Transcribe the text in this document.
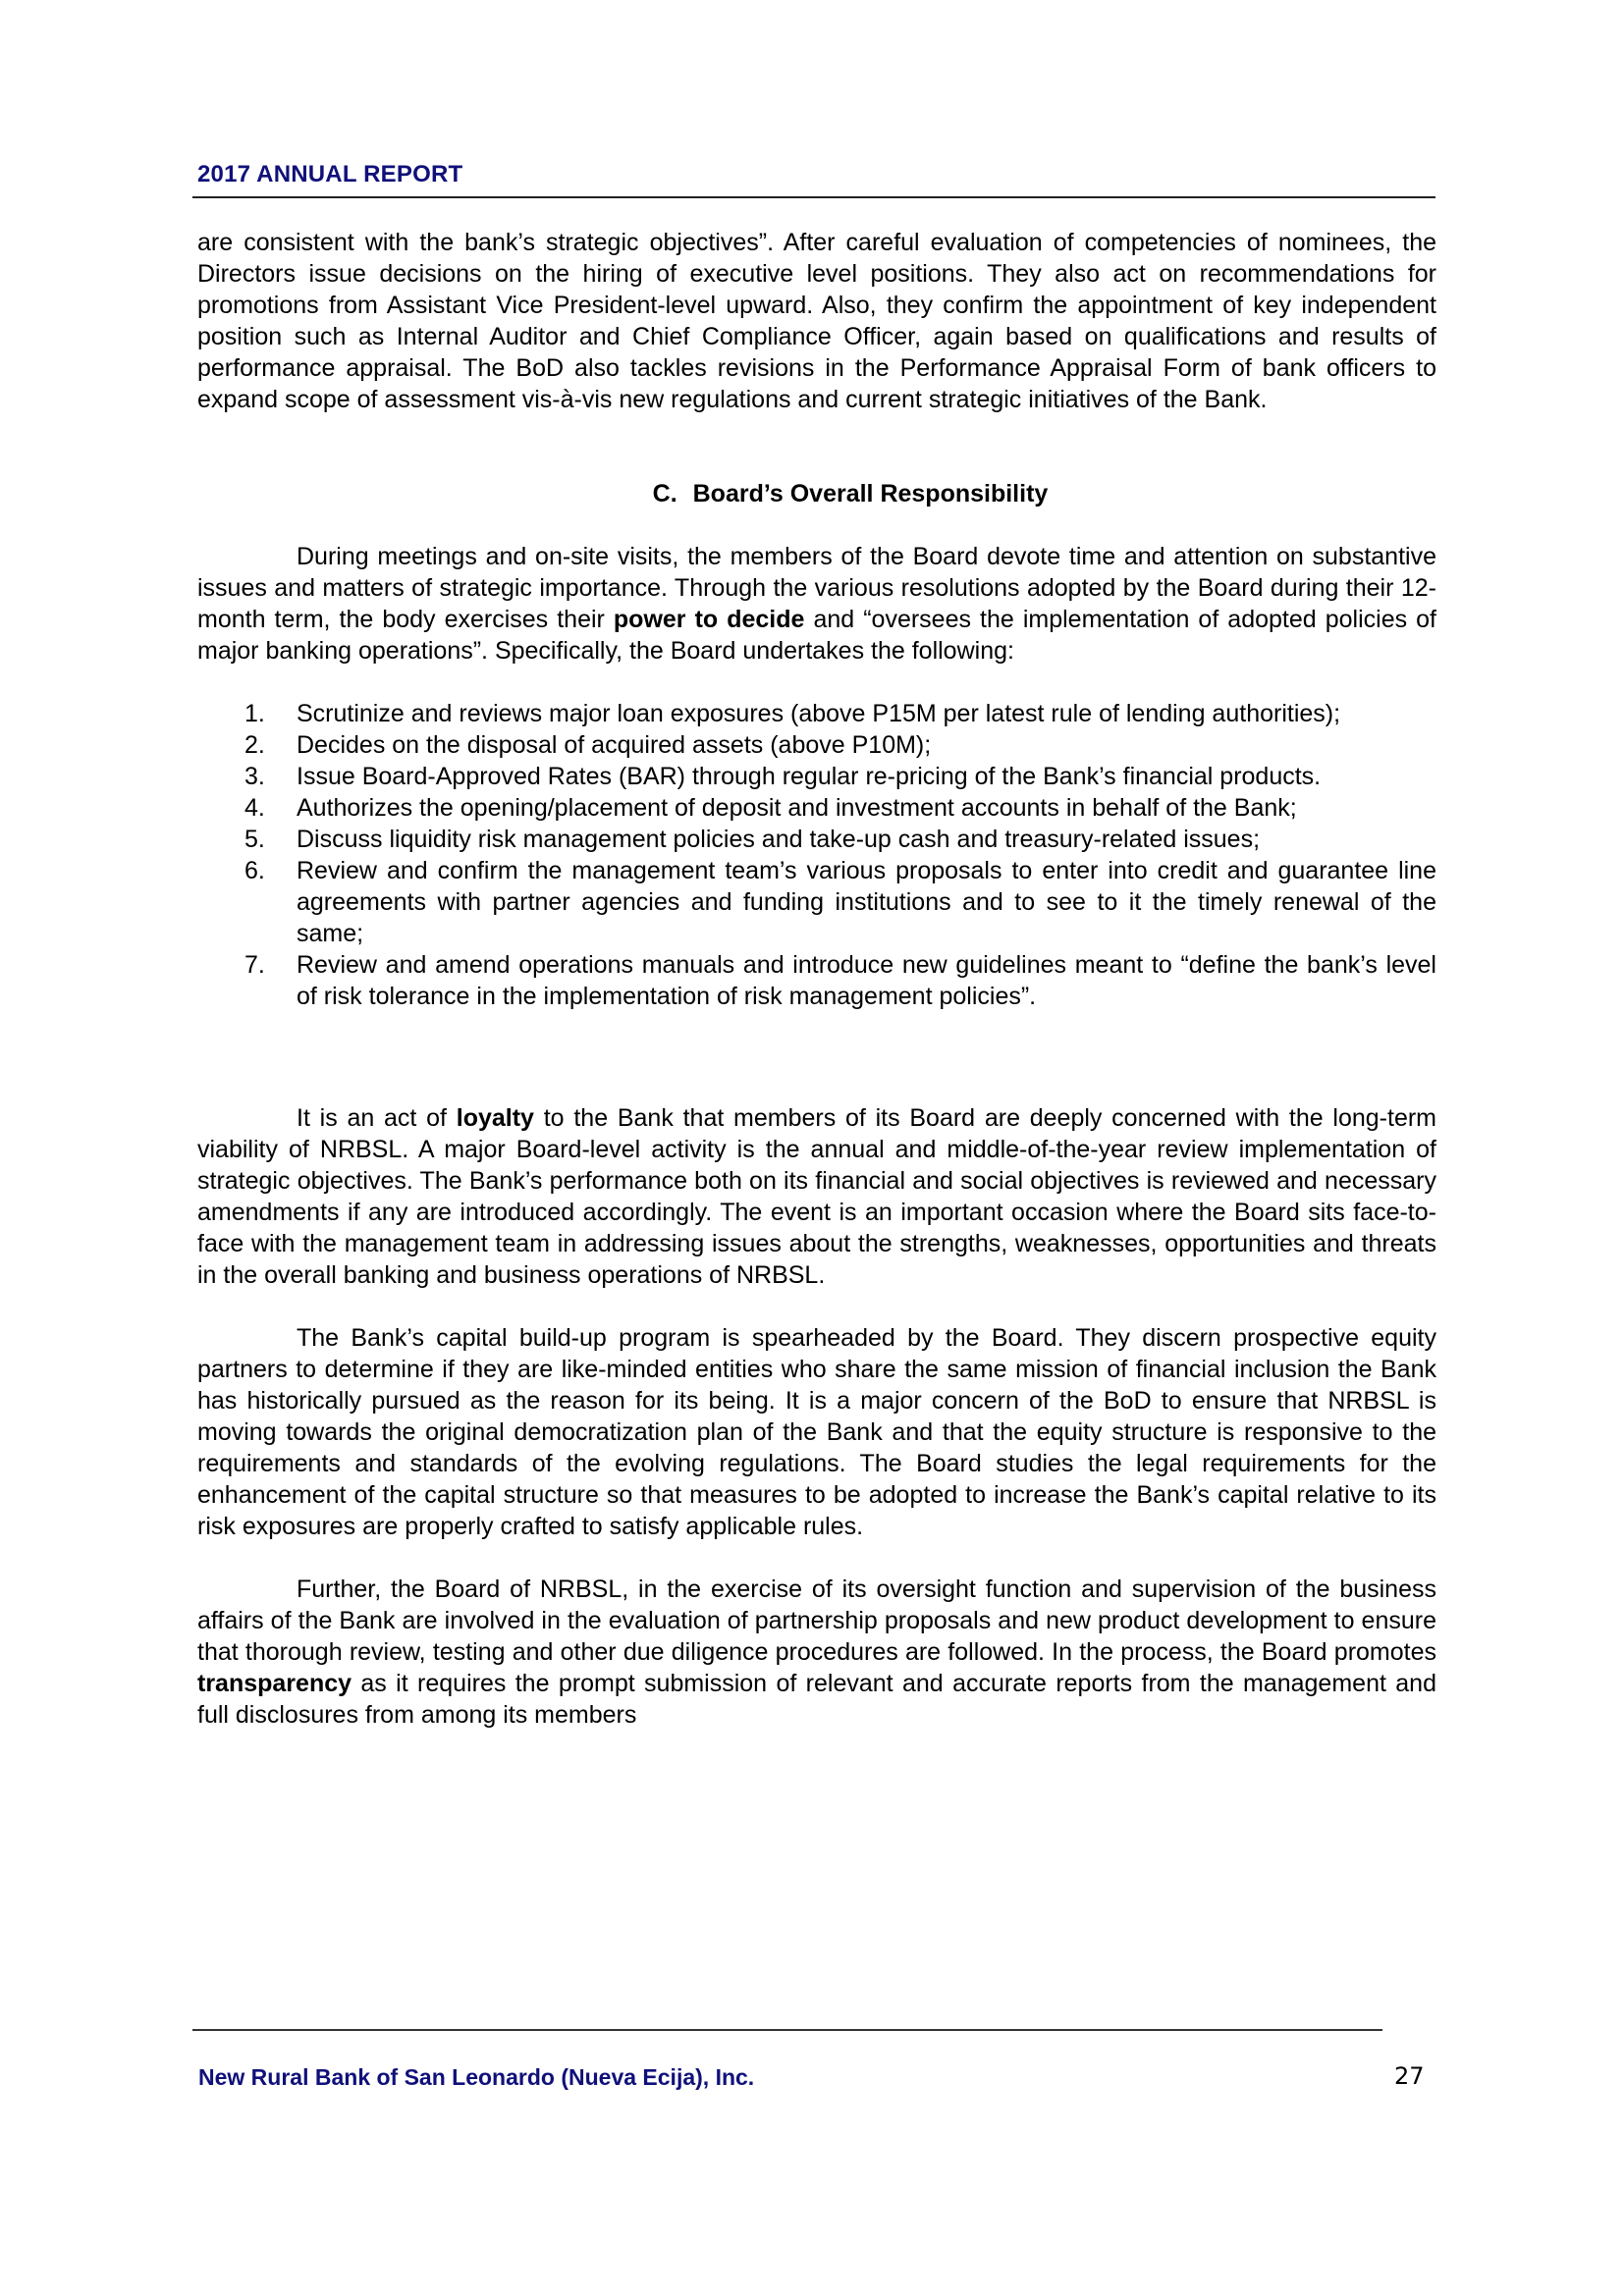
2017 ANNUAL REPORT

are consistent with the bank’s strategic objectives”. After careful evaluation of competencies of nominees, the Directors issue decisions on the hiring of executive level positions. They also act on recommendations for promotions from Assistant Vice President-level upward. Also, they confirm the appointment of key independent position such as Internal Auditor and Chief Compliance Officer, again based on qualifications and results of performance appraisal. The BoD also tackles revisions in the Performance Appraisal Form of bank officers to expand scope of assessment vis-à-vis new regulations and current strategic initiatives of the Bank.

C. Board’s Overall Responsibility

During meetings and on-site visits, the members of the Board devote time and attention on substantive issues and matters of strategic importance. Through the various resolutions adopted by the Board during their 12-month term, the body exercises their power to decide and “oversees the implementation of adopted policies of major banking operations”. Specifically, the Board undertakes the following:

1. Scrutinize and reviews major loan exposures (above P15M per latest rule of lending authorities);
2. Decides on the disposal of acquired assets (above P10M);
3. Issue Board-Approved Rates (BAR) through regular re-pricing of the Bank’s financial products.
4. Authorizes the opening/placement of deposit and investment accounts in behalf of the Bank;
5. Discuss liquidity risk management policies and take-up cash and treasury-related issues;
6. Review and confirm the management team’s various proposals to enter into credit and guarantee line agreements with partner agencies and funding institutions and to see to it the timely renewal of the same;
7. Review and amend operations manuals and introduce new guidelines meant to “define the bank’s level of risk tolerance in the implementation of risk management policies”.

It is an act of loyalty to the Bank that members of its Board are deeply concerned with the long-term viability of NRBSL. A major Board-level activity is the annual and middle-of-the-year review implementation of strategic objectives. The Bank’s performance both on its financial and social objectives is reviewed and necessary amendments if any are introduced accordingly. The event is an important occasion where the Board sits face-to-face with the management team in addressing issues about the strengths, weaknesses, opportunities and threats in the overall banking and business operations of NRBSL.

The Bank’s capital build-up program is spearheaded by the Board. They discern prospective equity partners to determine if they are like-minded entities who share the same mission of financial inclusion the Bank has historically pursued as the reason for its being. It is a major concern of the BoD to ensure that NRBSL is moving towards the original democratization plan of the Bank and that the equity structure is responsive to the requirements and standards of the evolving regulations. The Board studies the legal requirements for the enhancement of the capital structure so that measures to be adopted to increase the Bank’s capital relative to its risk exposures are properly crafted to satisfy applicable rules.

Further, the Board of NRBSL, in the exercise of its oversight function and supervision of the business affairs of the Bank are involved in the evaluation of partnership proposals and new product development to ensure that thorough review, testing and other due diligence procedures are followed. In the process, the Board promotes transparency as it requires the prompt submission of relevant and accurate reports from the management and full disclosures from among its members

New Rural Bank of San Leonardo (Nueva Ecija), Inc.	27
